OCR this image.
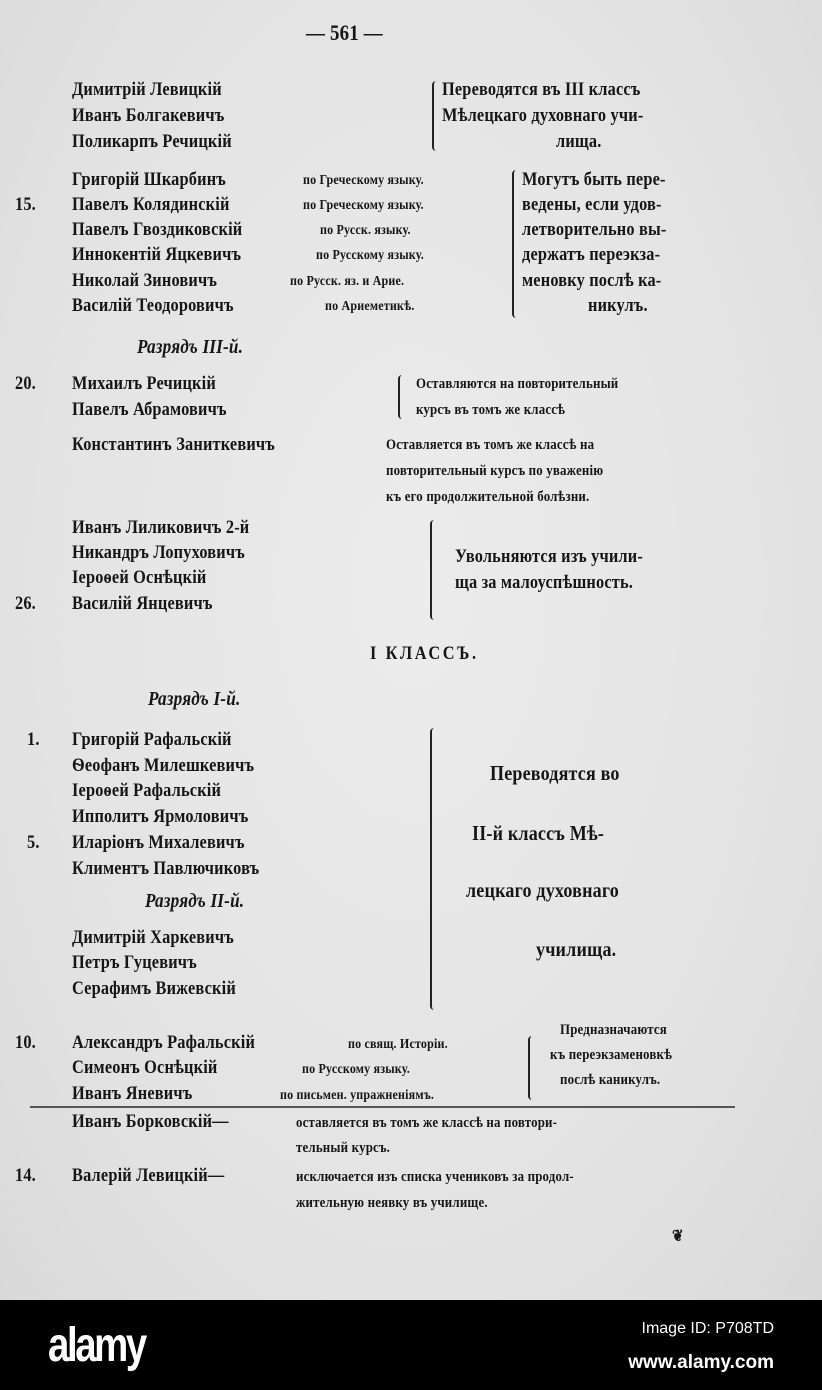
— 561 —
Димитрій Левицкій
Иванъ Болгакевичъ
Поликарпъ Речицкій
Переводятся въ III классъ
Мѣлецкаго духовнаго учи-
лища.
15.
Григорій Шкарбинъ	по Греческому языку.
Павелъ Колядинскій	по Греческому языку.
Павелъ Гвоздиковскій	по Русск. языку.
Иннокентій Яцкевичъ	по Русскому языку.
Николай Зиновичъ	по Русск. яз. и Арие.
Василій Теодоровичъ	по Ариеметикѣ.
Могутъ быть пере-
ведены, если удов-
летворительно вы-
держатъ переэкза-
меновку послѣ ка-
никулъ.
Разрядъ III-й.
20. Михаилъ Речицкій
Павелъ Абрамовичъ
Оставляются на повторительный
курсъ въ томъ же классѣ
Константинъ Заниткевичъ	Оставляется въ томъ же классѣ на
повторительный курсъ по уваженію
къ его продолжительной болѣзни.
Иванъ Лиликовичъ 2-й
Никандръ Лопуховичъ
Іероѳей Оснѣцкій
26. Василій Янцевичъ
Увольняются изъ учили-
ща за малоуспѣшность.
I КЛАССЪ.
Разрядъ I-й.
1.
5.
Григорій Рафальскій
Ѳеофанъ Милешкевичъ
Іероѳей Рафальскій
Ипполитъ Ярмоловичъ
Иларіонъ Михалевичъ
Климентъ Павлючиковъ
Разрядъ II-й.
Димитрій Харкевичъ
Петръ Гуцевичъ
Серафимъ Вижевскій
Переводятся во
II-й классъ Мѣ-
лецкаго духовнаго
училища.
10. Александръ Рафальскій	по свящ. Исторіи.
Симеонъ Оснѣцкій	по Русскому языку.
Иванъ Яневичъ	по письмен. упражненіямъ.
Предназначаются
къ переэкзаменовкѣ
послѣ каникулъ.
Иванъ Борковскій—	оставляется въ томъ же классѣ на повтори-
тельный курсъ.
14. Валерій Левицкій—	исключается изъ списка учениковъ за продол-
жительную неявку въ училище.
❦
alamy	Image ID: P708TD
www.alamy.com
